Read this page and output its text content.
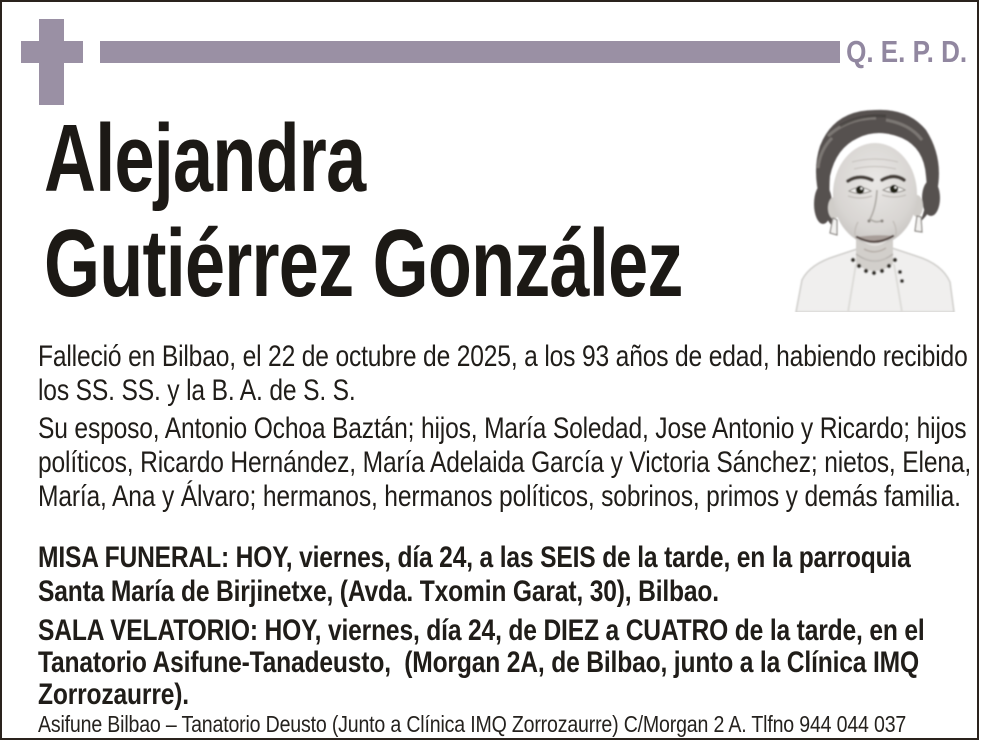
Q. E. P. D.
Alejandra
Gutiérrez González

Falleció en Bilbao, el 22 de octubre de 2025, a los 93 años de edad, habiendo recibido los SS. SS. y la B. A. de S. S.

Su esposo, Antonio Ochoa Baztán; hijos, María Soledad, Jose Antonio y Ricardo; hijos políticos, Ricardo Hernández, María Adelaida García y Victoria Sánchez; nietos, Elena, María, Ana y Álvaro; hermanos, hermanos políticos, sobrinos, primos y demás familia.

MISA FUNERAL: HOY, viernes, día 24, a las SEIS de la tarde, en la parroquia Santa María de Birjinetxe, (Avda. Txomin Garat, 30), Bilbao.

SALA VELATORIO: HOY, viernes, día 24, de DIEZ a CUATRO de la tarde, en el Tanatorio Asifune-Tanadeusto,  (Morgan 2A, de Bilbao, junto a la Clínica IMQ Zorrozaurre).

Asifune Bilbao – Tanatorio Deusto (Junto a Clínica IMQ Zorrozaurre) C/Morgan 2 A. Tlfno 944 044 037
